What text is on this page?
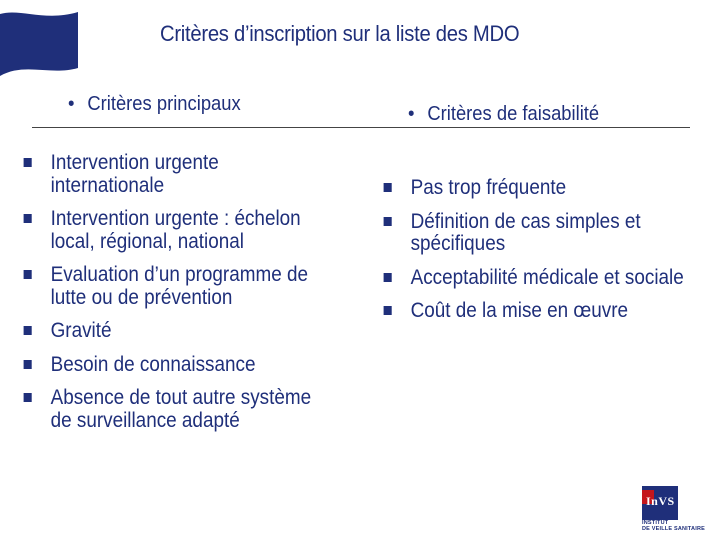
Critères d’inscription sur la liste des MDO
• Critères principaux	• Critères de faisabilité
Intervention urgente internationale
Intervention urgente : échelon local, régional, national
Evaluation d’un programme de lutte ou de prévention
Gravité
Besoin de connaissance
Absence de tout autre système de surveillance adapté
Pas trop fréquente
Définition de cas simples et spécifiques
Acceptabilité médicale et sociale
Coût de la mise en œuvre
InVS
INSTITUT
DE VEILLE SANITAIRE
